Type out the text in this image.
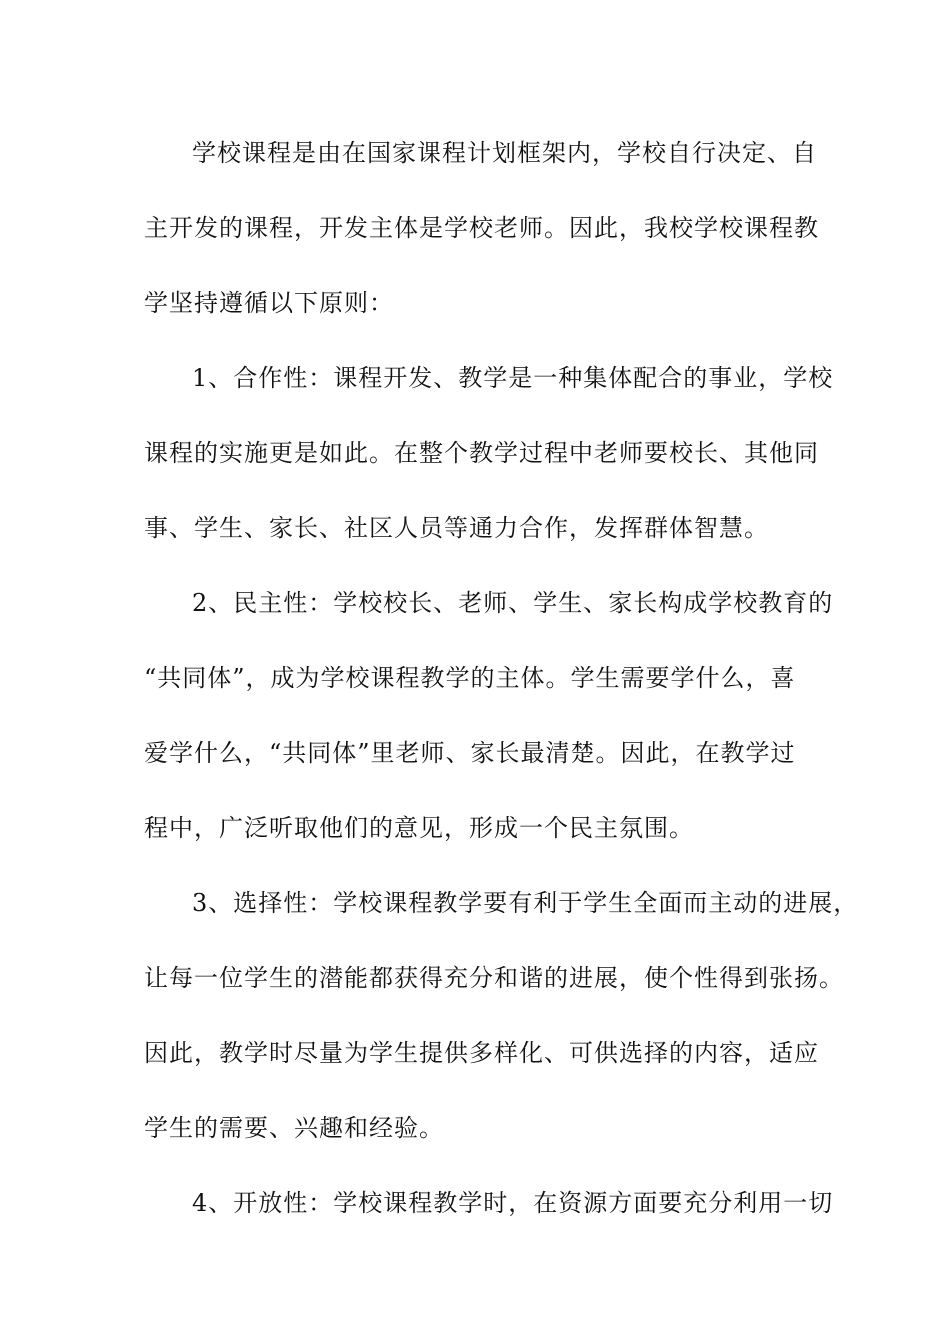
学校课程是由在国家课程计划框架内，学校自行决定、自
主开发的课程，开发主体是学校老师。因此，我校学校课程教
学坚持遵循以下原则：
1、合作性：课程开发、教学是一种集体配合的事业，学校
课程的实施更是如此。在整个教学过程中老师要校长、其他同
事、学生、家长、社区人员等通力合作，发挥群体智慧。
2、民主性：学校校长、老师、学生、家长构成学校教育的
“共同体”，成为学校课程教学的主体。学生需要学什么，喜
爱学什么，“共同体”里老师、家长最清楚。因此，在教学过
程中，广泛听取他们的意见，形成一个民主氛围。
3、选择性：学校课程教学要有利于学生全面而主动的进展，
让每一位学生的潜能都获得充分和谐的进展，使个性得到张扬。
因此，教学时尽量为学生提供多样化、可供选择的内容，适应
学生的需要、兴趣和经验。
4、开放性：学校课程教学时，在资源方面要充分利用一切
